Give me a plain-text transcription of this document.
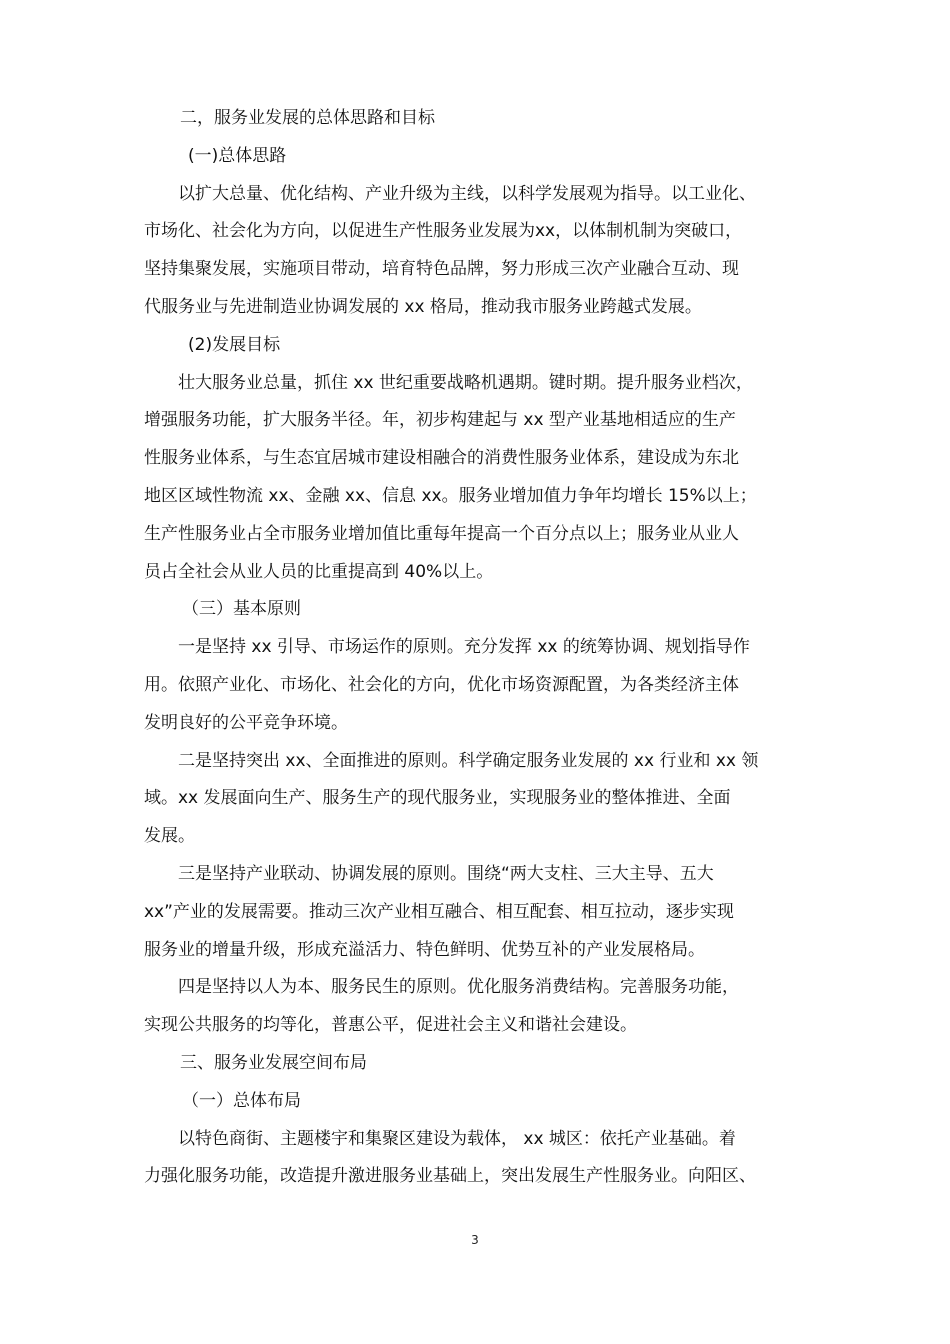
二，服务业发展的总体思路和目标
(一)总体思路
以扩大总量、优化结构、产业升级为主线，以科学发展观为指导。以工业化、
市场化、社会化为方向，以促进生产性服务业发展为xx，以体制机制为突破口，
坚持集聚发展，实施项目带动，培育特色品牌，努力形成三次产业融合互动、现
代服务业与先进制造业协调发展的 xx 格局，推动我市服务业跨越式发展。
(2)发展目标
壮大服务业总量，抓住 xx 世纪重要战略机遇期。键时期。提升服务业档次，
增强服务功能，扩大服务半径。年，初步构建起与 xx 型产业基地相适应的生产
性服务业体系，与生态宜居城市建设相融合的消费性服务业体系，建设成为东北
地区区域性物流 xx、金融 xx、信息 xx。服务业增加值力争年均增长 15%以上；
生产性服务业占全市服务业增加值比重每年提高一个百分点以上；服务业从业人
员占全社会从业人员的比重提高到 40%以上。
（三）基本原则
一是坚持 xx 引导、市场运作的原则。充分发挥 xx 的统筹协调、规划指导作
用。依照产业化、市场化、社会化的方向，优化市场资源配置，为各类经济主体
发明良好的公平竞争环境。
二是坚持突出 xx、全面推进的原则。科学确定服务业发展的 xx 行业和 xx 领
域。xx 发展面向生产、服务生产的现代服务业，实现服务业的整体推进、全面
发展。
三是坚持产业联动、协调发展的原则。围绕“两大支柱、三大主导、五大
xx”产业的发展需要。推动三次产业相互融合、相互配套、相互拉动，逐步实现
服务业的增量升级，形成充溢活力、特色鲜明、优势互补的产业发展格局。
四是坚持以人为本、服务民生的原则。优化服务消费结构。完善服务功能，
实现公共服务的均等化，普惠公平，促进社会主义和谐社会建设。
三、服务业发展空间布局
（一）总体布局
以特色商街、主题楼宇和集聚区建设为载体， xx 城区：依托产业基础。着
力强化服务功能，改造提升激进服务业基础上，突出发展生产性服务业。向阳区、
3
